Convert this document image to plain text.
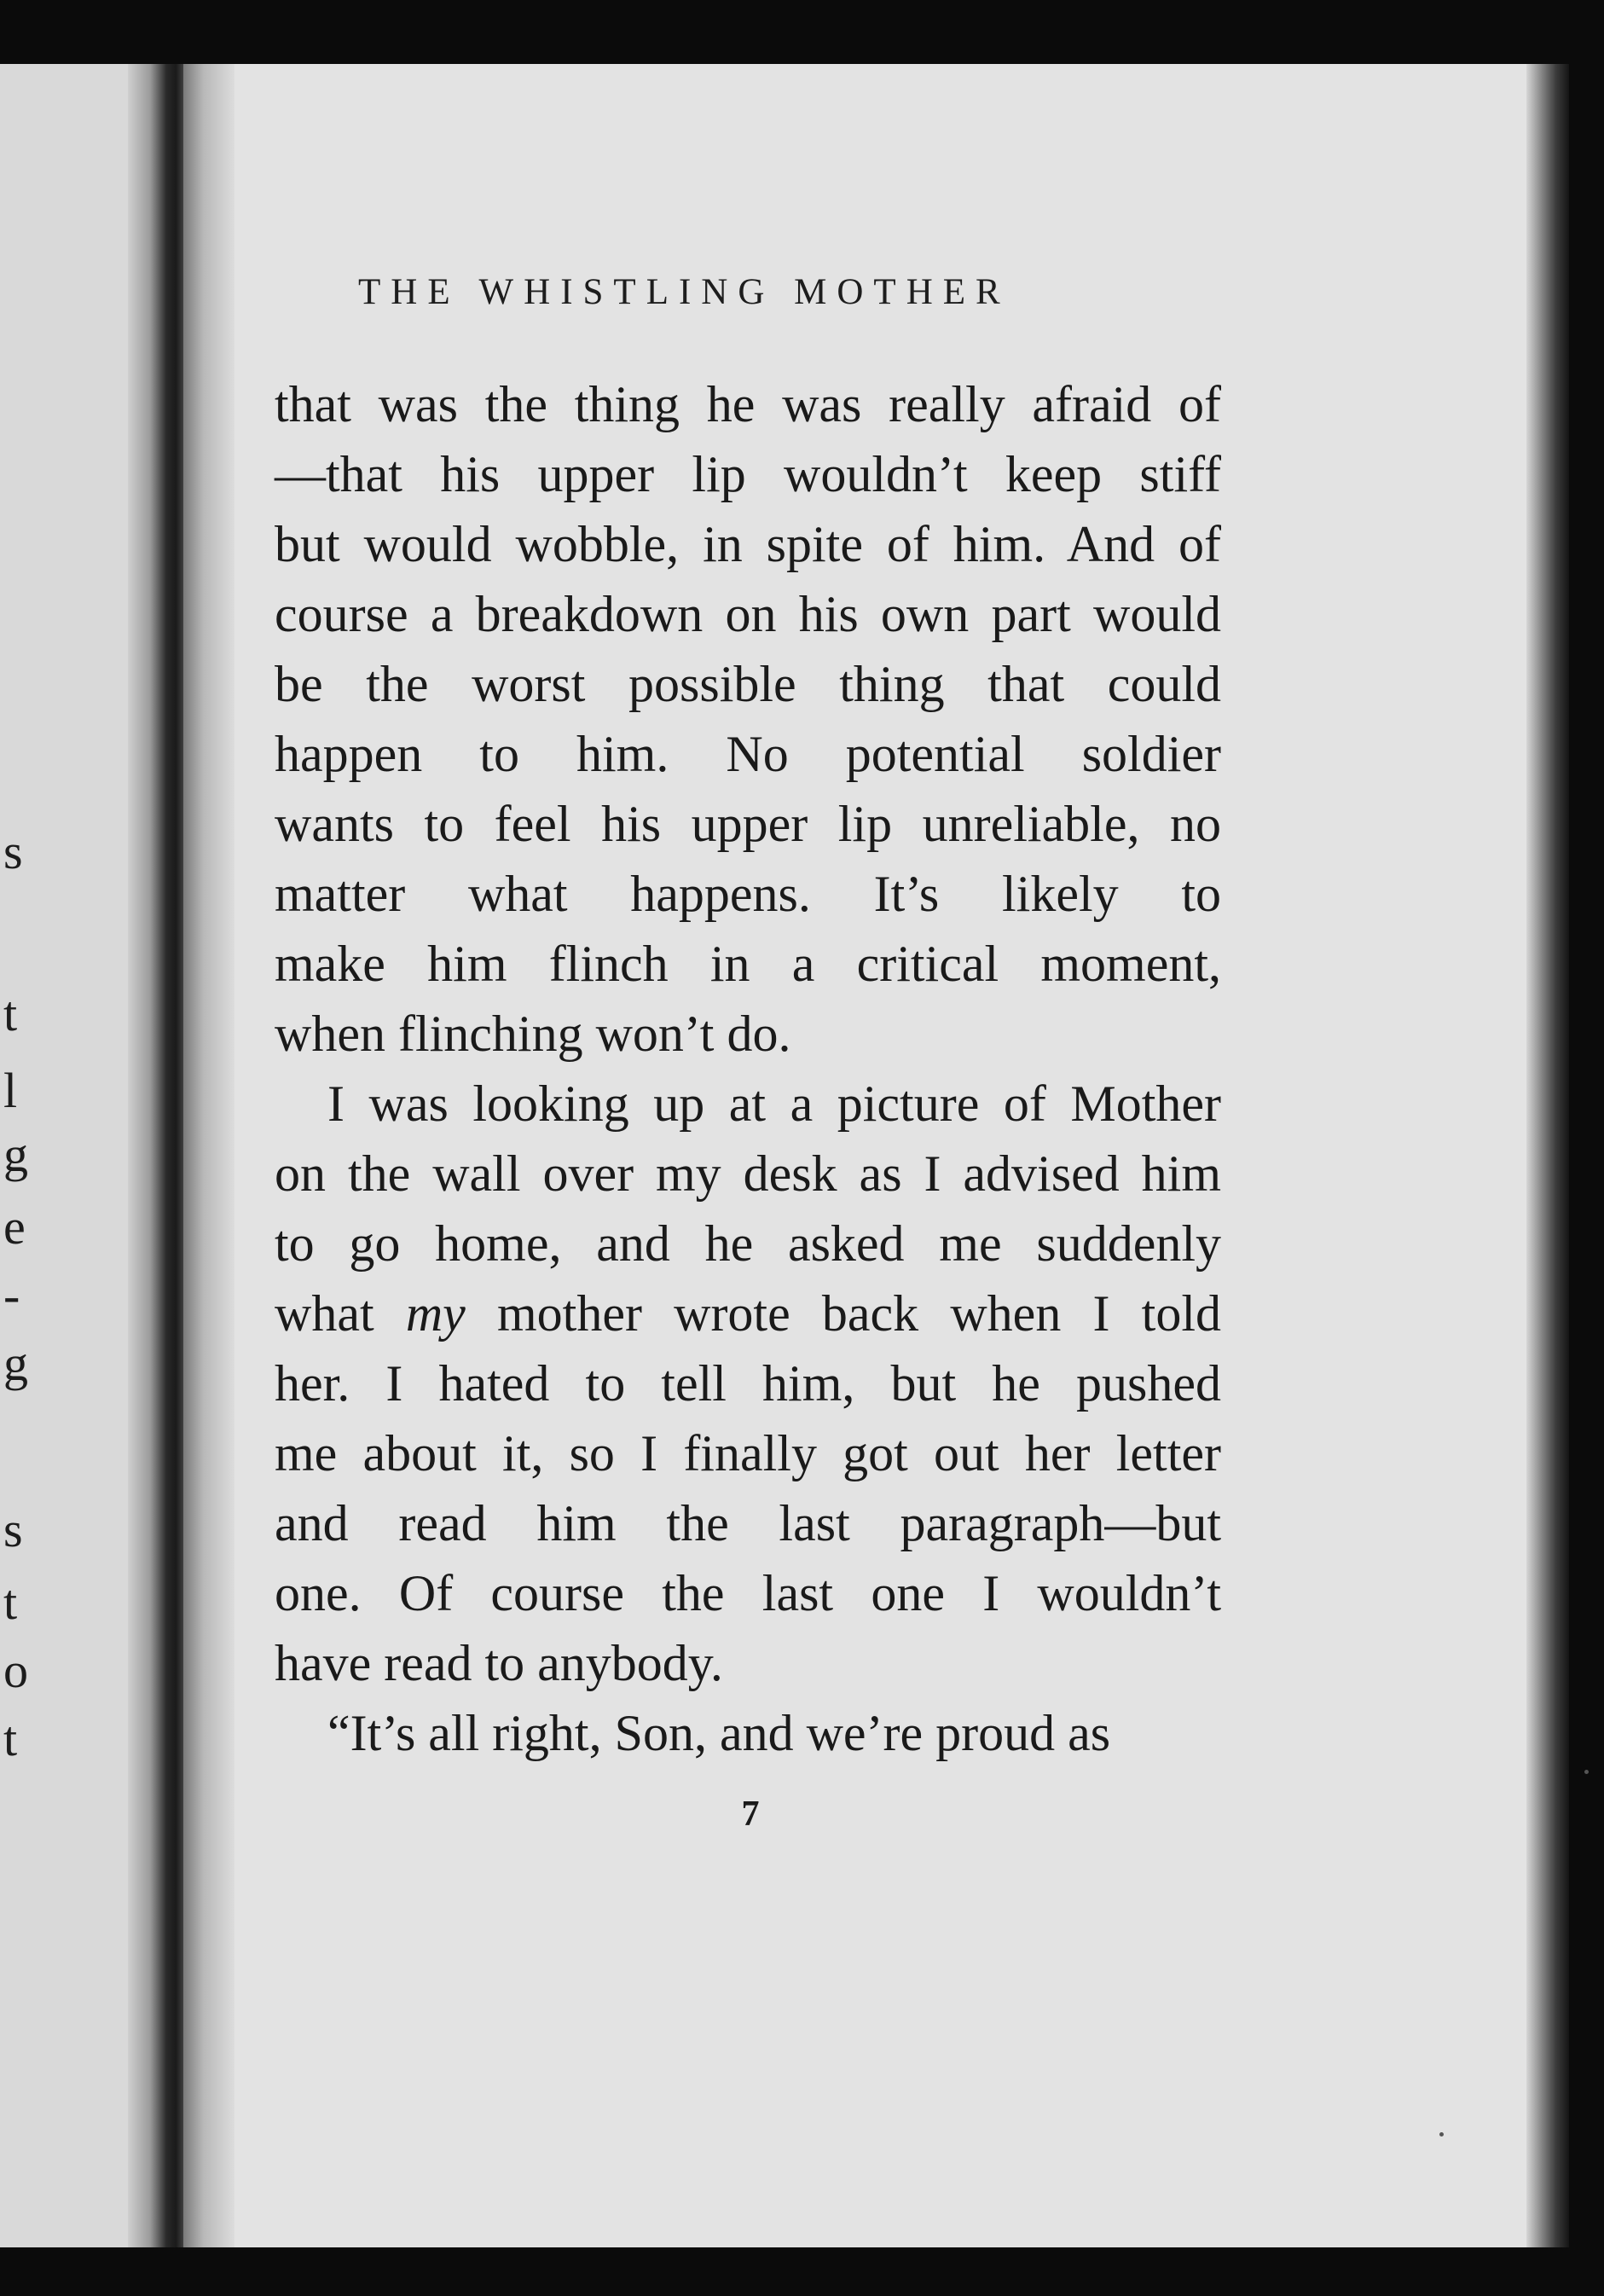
s
t
l
g
e
-
g
s
t
o
t
THE WHISTLING MOTHER
that was the thing he was really afraid of
—that his upper lip wouldn’t keep stiff
but would wobble, in spite of him. And of
course a breakdown on his own part would
be the worst possible thing that could
happen to him. No potential soldier
wants to feel his upper lip unreliable, no
matter what happens. It’s likely to
make him flinch in a critical moment,
when flinching won’t do.
I was looking up at a picture of Mother
on the wall over my desk as I advised him
to go home, and he asked me suddenly
what my mother wrote back when I told
her. I hated to tell him, but he pushed
me about it, so I finally got out her letter
and read him the last paragraph—but
one. Of course the last one I wouldn’t
have read to anybody.
“It’s all right, Son, and we’re proud as
7
